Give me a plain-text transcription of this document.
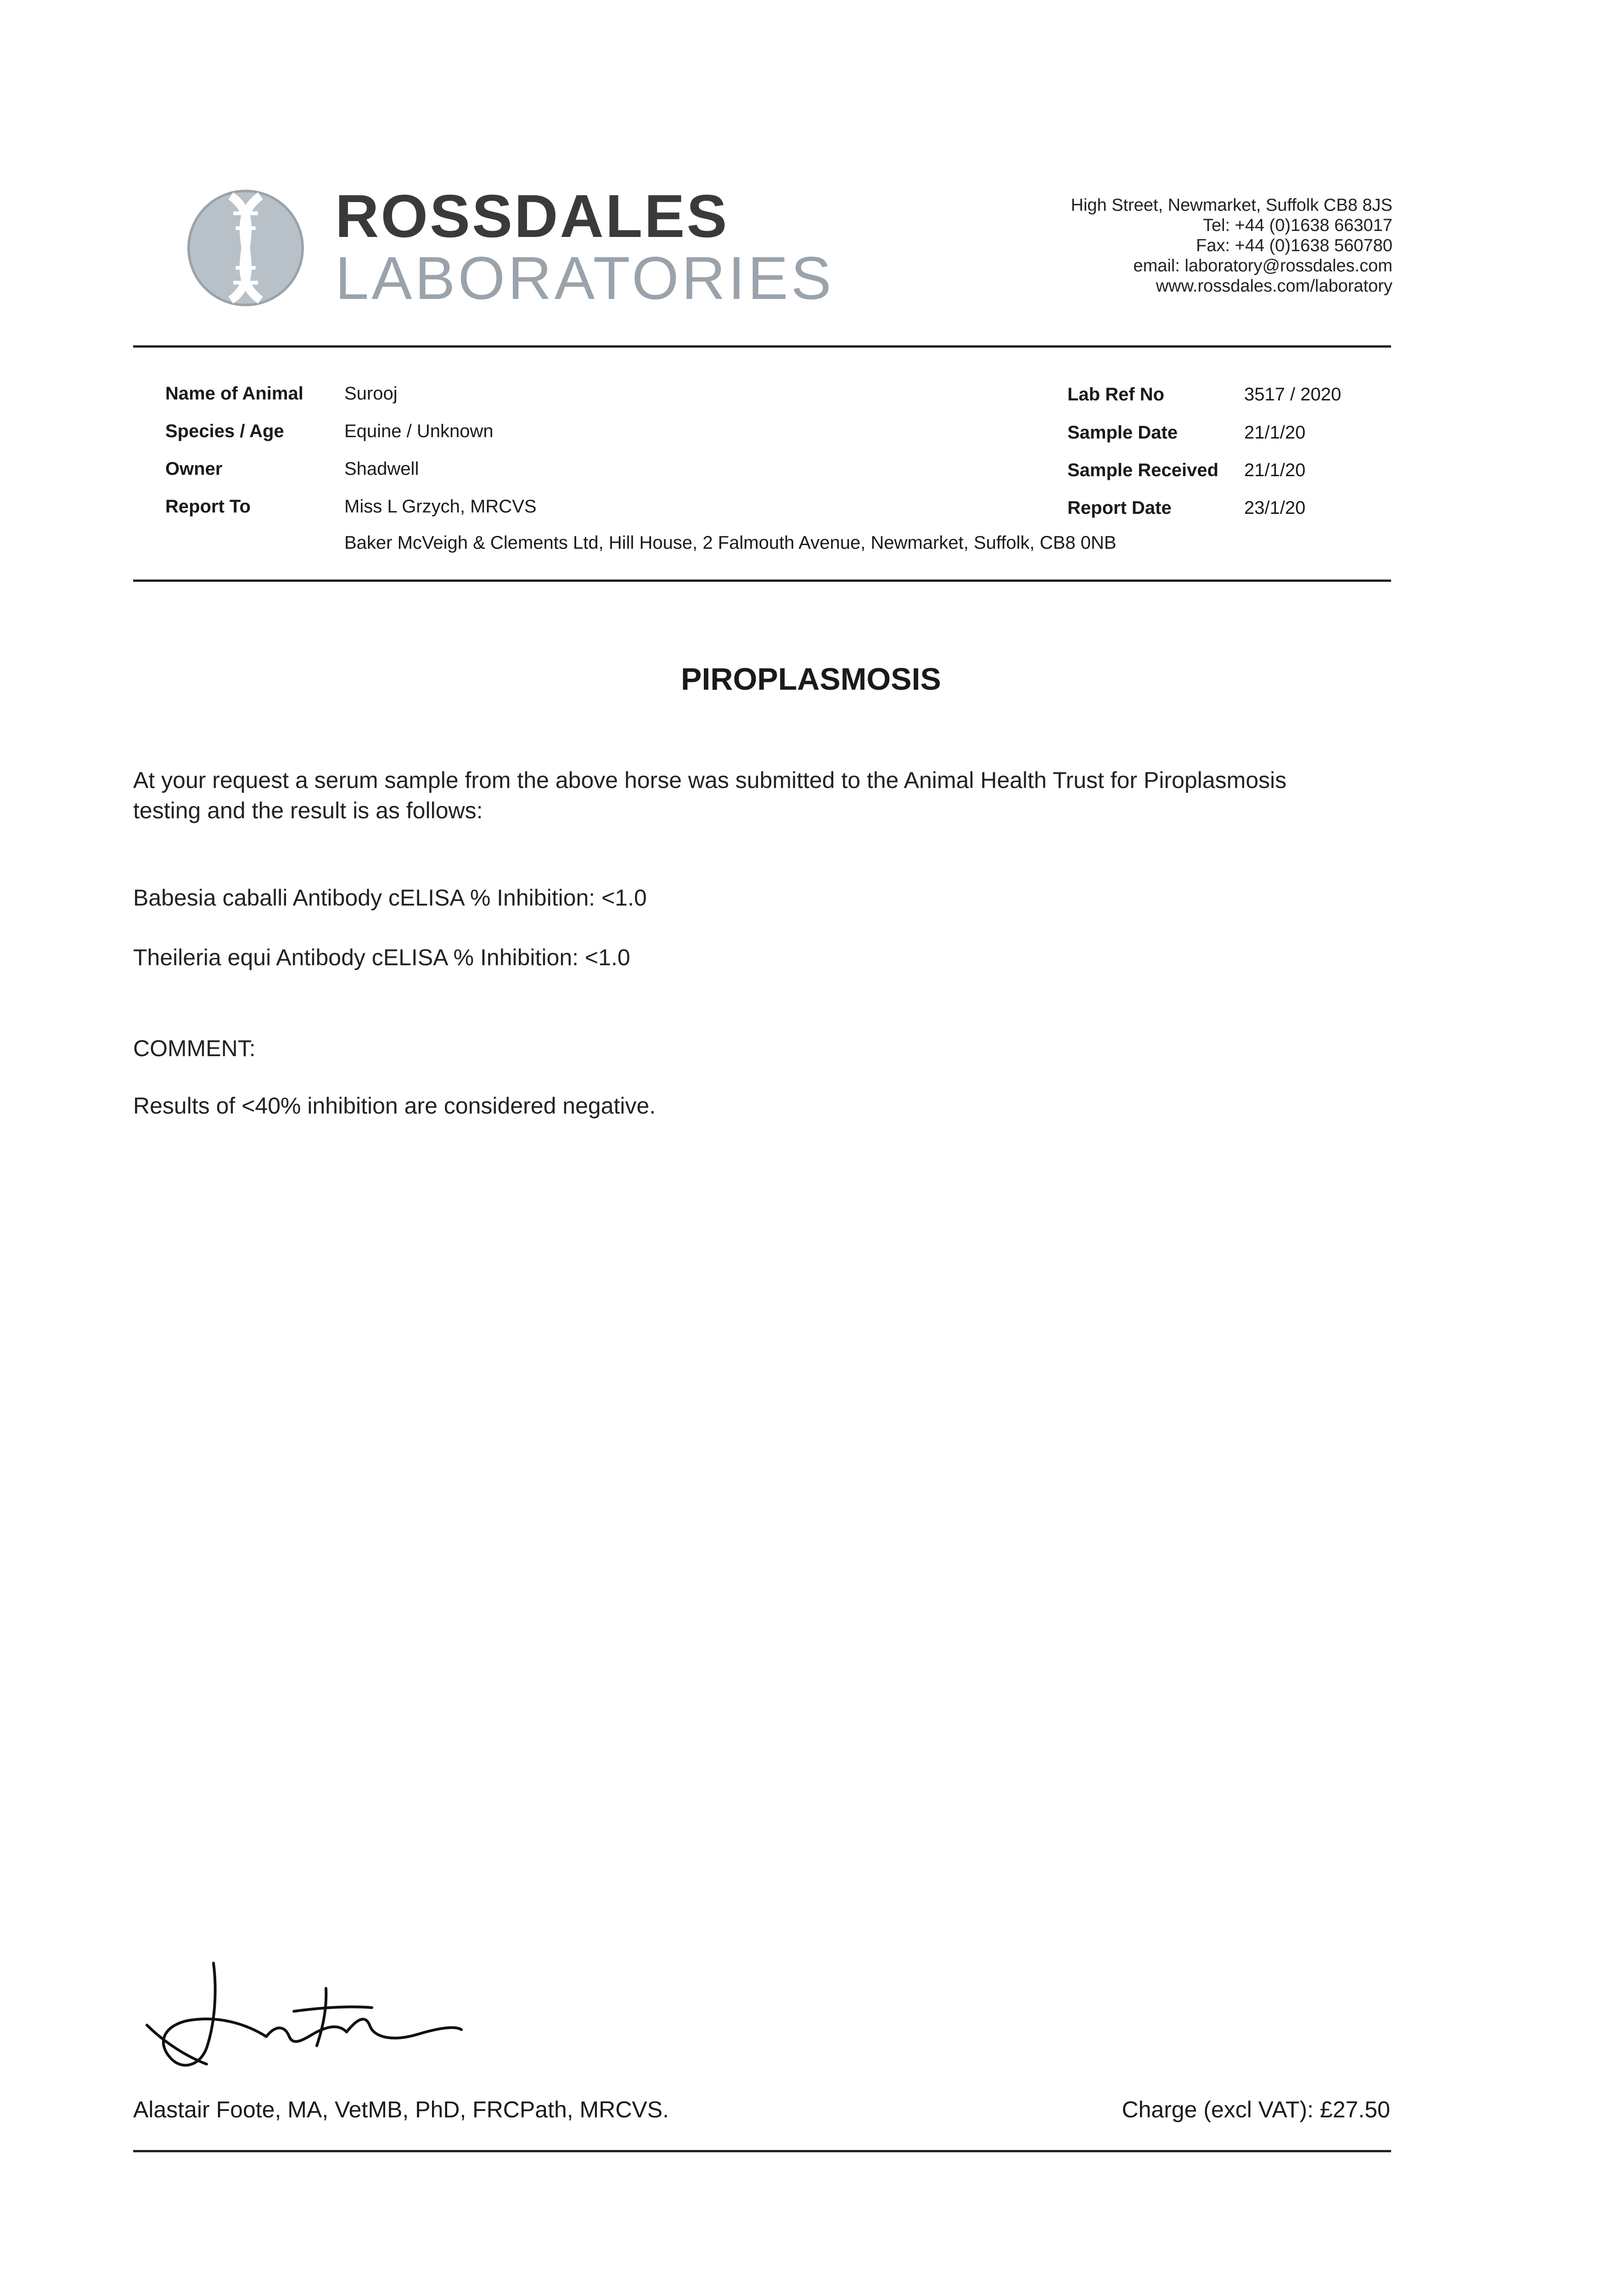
ROSSDALES
LABORATORIES
High Street, Newmarket, Suffolk CB8 8JS
Tel: +44 (0)1638 663017
Fax: +44 (0)1638 560780
email: laboratory@rossdales.com
www.rossdales.com/laboratory
Name of Animal Surooj
Species / Age	Equine / Unknown
Owner	Shadwell
Report To	Miss L Grzych, MRCVS
Baker McVeigh & Clements Ltd, Hill House, 2 Falmouth Avenue, Newmarket, Suffolk, CB8 0NB
Lab Ref No	3517 / 2020
Sample Date	21/1/20
Sample Received 21/1/20
Report Date	23/1/20
PIROPLASMOSIS
At your request a serum sample from the above horse was submitted to the Animal Health Trust for Piroplasmosis
testing and the result is as follows:
Babesia caballi Antibody cELISA % Inhibition: <1.0
Theileria equi Antibody cELISA % Inhibition: <1.0
COMMENT:
Results of <40% inhibition are considered negative.
Alastair Foote, MA, VetMB, PhD, FRCPath, MRCVS.	Charge (excl VAT): £27.50
